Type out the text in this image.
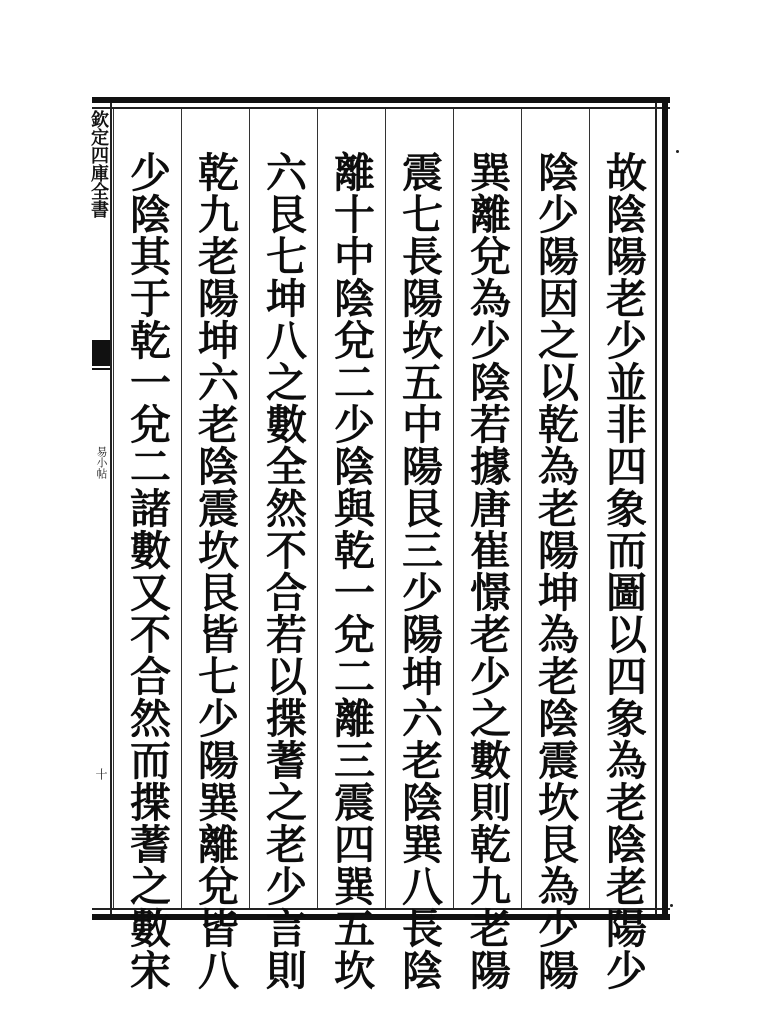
欽定四庫全書
易小帖
十	故陰陽老少並非四象而圖以四象為老陰老陽少
陰少陽因之以乾為老陽坤為老陰震坎艮為少陽
巽離兌為少陰若據唐崔憬老少之數則乾九老陽
震七長陽坎五中陽艮三少陽坤六老陰巽八長陰
離十中陰兌二少陰與乾一兌二離三震四巽五坎
六艮七坤八之數全然不合若以揲蓍之老少言則
乾九老陽坤六老陰震坎艮皆七少陽巽離兌皆八
少陰其于乾一兌二諸數又不合然而揲蓍之數宋
